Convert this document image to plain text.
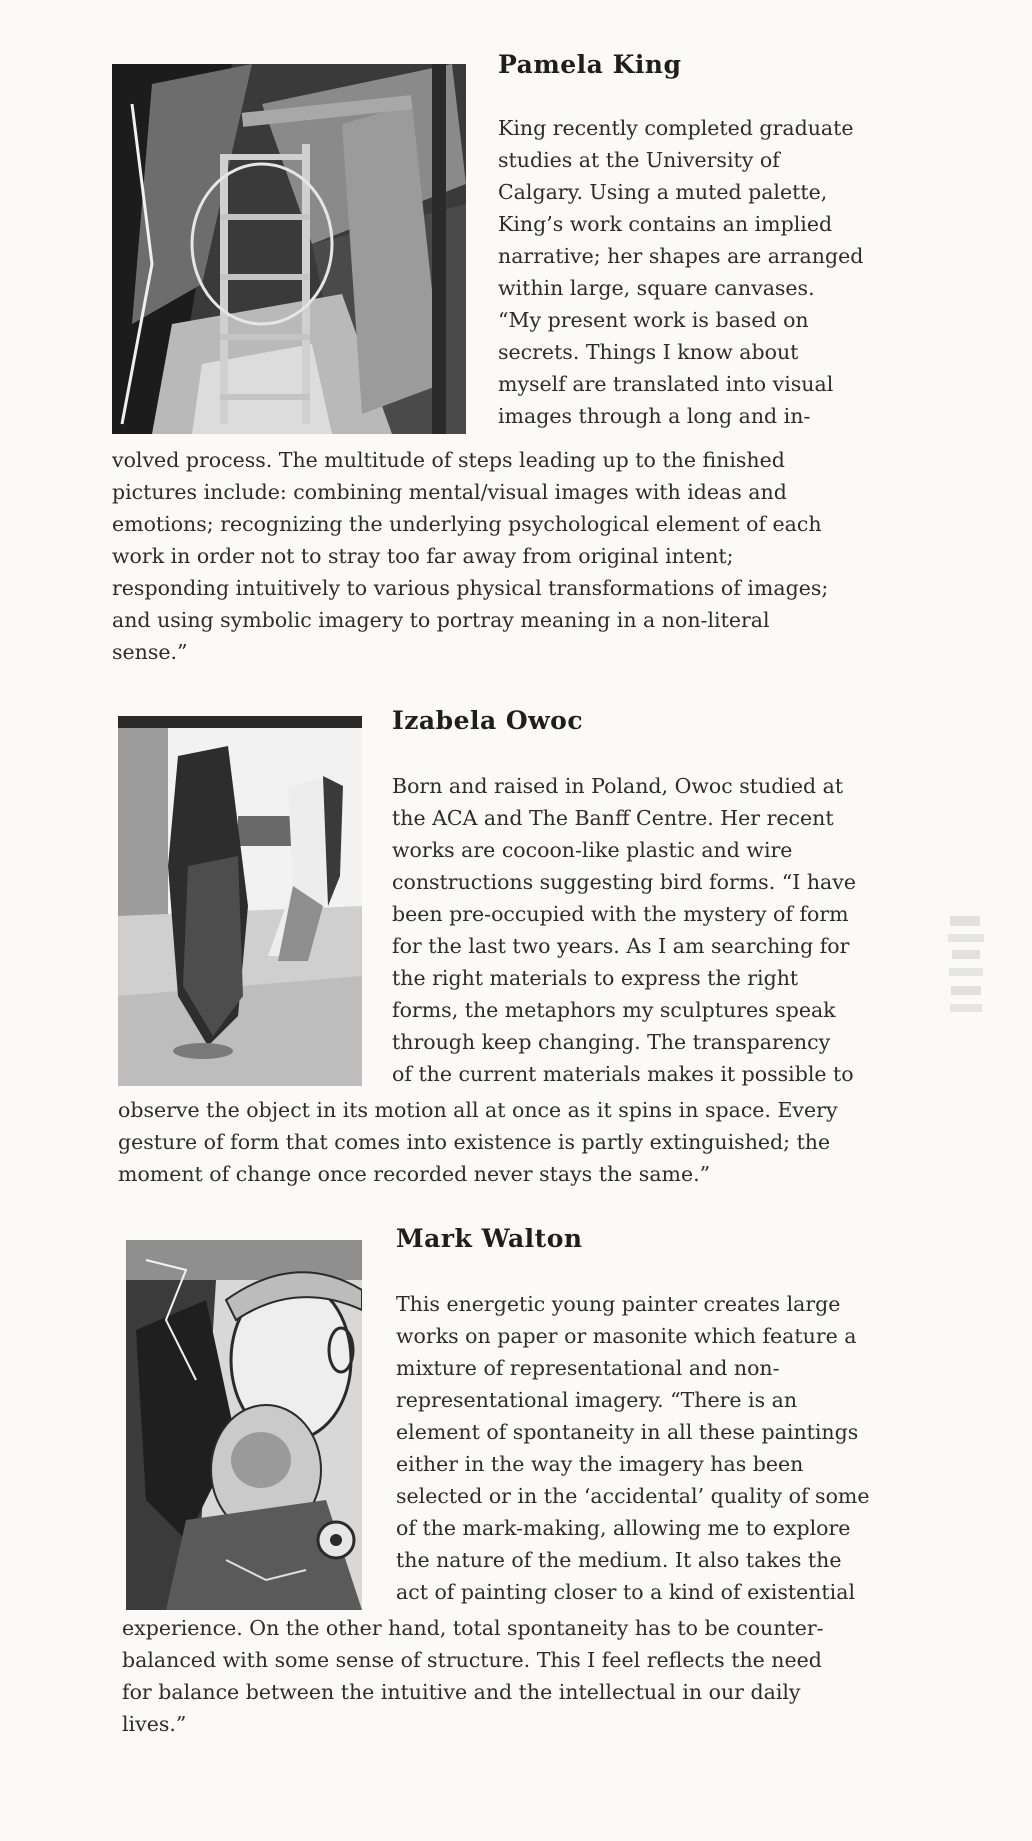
Pamela King
King recently completed graduate
studies at the University of
Calgary. Using a muted palette,
King’s work contains an implied
narrative; her shapes are arranged
within large, square canvases.
“My present work is based on
secrets. Things I know about
myself are translated into visual
images through a long and in-
volved process. The multitude of steps leading up to the finished
pictures include: combining mental/visual images with ideas and
emotions; recognizing the underlying psychological element of each
work in order not to stray too far away from original intent;
responding intuitively to various physical transformations of images;
and using symbolic imagery to portray meaning in a non-literal
sense.”
Izabela Owoc
Born and raised in Poland, Owoc studied at
the ACA and The Banff Centre. Her recent
works are cocoon-like plastic and wire
constructions suggesting bird forms. “I have
been pre-occupied with the mystery of form
for the last two years. As I am searching for
the right materials to express the right
forms, the metaphors my sculptures speak
through keep changing. The transparency
of the current materials makes it possible to
observe the object in its motion all at once as it spins in space. Every
gesture of form that comes into existence is partly extinguished; the
moment of change once recorded never stays the same.”
Mark Walton
This energetic young painter creates large
works on paper or masonite which feature a
mixture of representational and non-
representational imagery. “There is an
element of spontaneity in all these paintings
either in the way the imagery has been
selected or in the ‘accidental’ quality of some
of the mark-making, allowing me to explore
the nature of the medium. It also takes the
act of painting closer to a kind of existential
experience. On the other hand, total spontaneity has to be counter-
balanced with some sense of structure. This I feel reflects the need
for balance between the intuitive and the intellectual in our daily
lives.”
